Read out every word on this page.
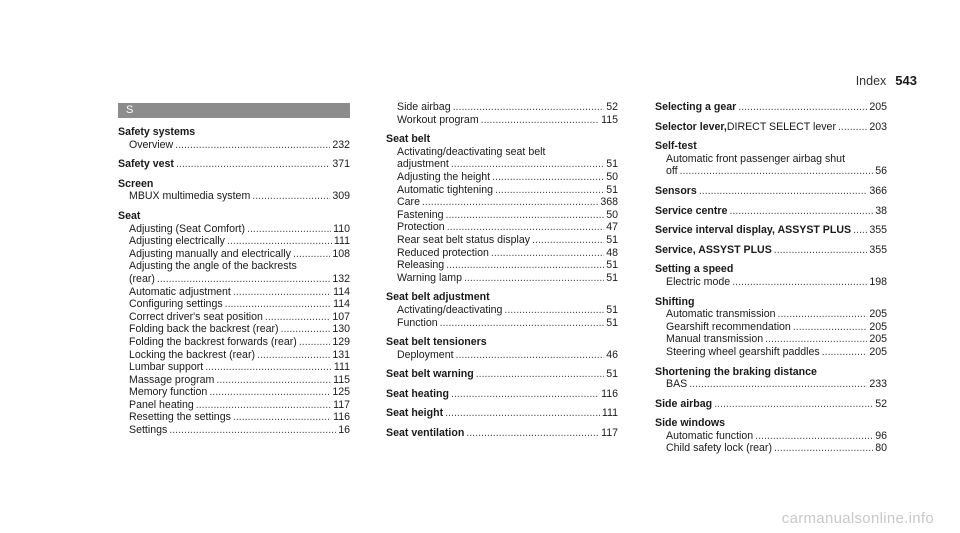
Index 543
S
Safety systems
Overview .....	232
Safety vest .....	371
Screen
MBUX multimedia system .....	309
Seat
Adjusting (Seat Comfort) .....	110
Adjusting electrically .....	111
Adjusting manually and electrically .....	108
Adjusting the angle of the backrests
(rear) .....	132
Automatic adjustment .....	114
Configuring settings .....	114
Correct driver's seat position .....	107
Folding back the backrest (rear) .....	130
Folding the backrest forwards (rear) .....	129
Locking the backrest (rear) .....	131
Lumbar support .....	111
Massage program .....	115
Memory function .....	125
Panel heating .....	117
Resetting the settings .....	116
Settings .....	16
Side airbag .....	52
Workout program .....	115
Seat belt
Activating/deactivating seat belt
adjustment .....	51
Adjusting the height .....	50
Automatic tightening .....	51
Care .....	368
Fastening .....	50
Protection .....	47
Rear seat belt status display .....	51
Reduced protection .....	48
Releasing .....	51
Warning lamp .....	51
Seat belt adjustment
Activating/deactivating .....	51
Function .....	51
Seat belt tensioners
Deployment .....	46
Seat belt warning .....	51
Seat heating .....	116
Seat height .....	111
Seat ventilation .....	117
Selecting a gear .....	205
Selector lever, DIRECT SELECT lever .....	203
Self-test
Automatic front passenger airbag shut
off .....	56
Sensors .....	366
Service centre .....	38
Service interval display, ASSYST PLUS ..... 355
Service, ASSYST PLUS .....	355
Setting a speed
Electric mode .....	198
Shifting
Automatic transmission .....	205
Gearshift recommendation .....	205
Manual transmission .....	205
Steering wheel gearshift paddles .....	205
Shortening the braking distance
BAS .....	233
Side airbag .....	52
Side windows
Automatic function .....	96
Child safety lock (rear) .....	80
carmanualsonline.info
